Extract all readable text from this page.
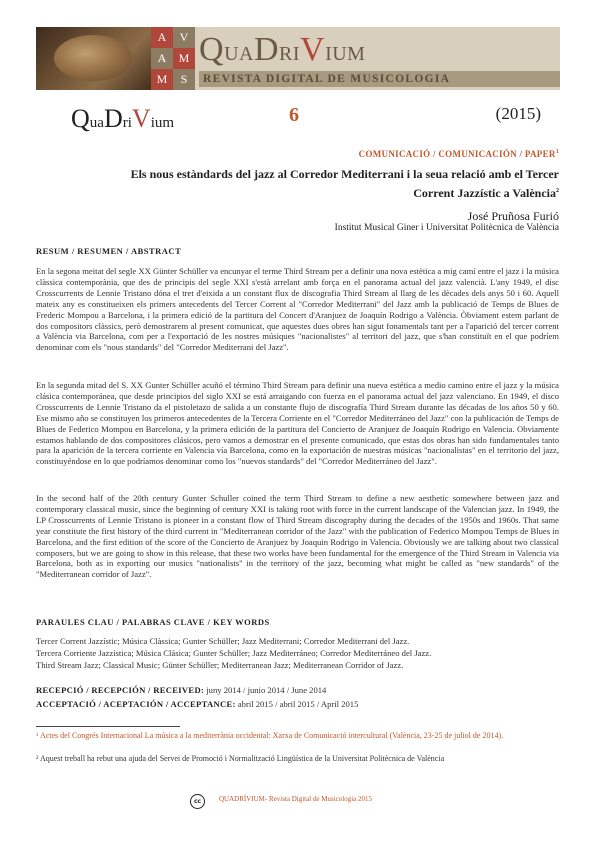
A	V
A	M
M	S
QUADRIVIUM
REVISTA DIGITAL DE MUSICOLOGIA
QuaDriVium	6	(2015)
COMUNICACIÓ / COMUNICACIÓN / PAPER$^1$
Els nous estàndards del jazz al Corredor Mediterrani i la seua relació amb el Tercer
Corrent Jazzístic a València$^2$
José Pruñosa Furió
Institut Musical Giner i Universitat Politècnica de València
RESUM / RESUMEN / ABSTRACT
En la segona meitat del segle XX Günter Schüller va encunyar el terme Third Stream per a definir una nova estètica a mig camí entre el jazz i la música clàssica contemporània, que des de principis del segle XXI s'està arrelant amb força en el panorama actual del jazz valencià. L'any 1949, el disc Crosscurrents de Lennie Tristano dóna el tret d'eixida a un constant flux de discografia Third Stream al llarg de les dècades dels anys 50 i 60. Aquell mateix any es constitueixen els primers antecedents del Tercer Corrent al "Corredor Mediterrani" del Jazz amb la publicació de Temps de Blues de Frederic Mompou a Barcelona, i la primera edició de la partitura del Concert d'Aranjuez de Joaquín Rodrigo a València. Òbviament estem parlant de dos compositors clàssics, però demostrarem al present comunicat, que aquestes dues obres han sigut fonamentals tant per a l'aparició del tercer corrent a València via Barcelona, com per a l'exportació de les nostres músiques "nacionalistes" al territori del jazz, que s'han constituït en el que podríem denominar com els "nous standards" del "Corredor Mediterrani del Jazz".
En la segunda mitad del S. XX Gunter Schüller acuñó el término Third Stream para definir una nueva estética a medio camino entre el jazz y la música clásica contemporánea, que desde principios del siglo XXI se está arraigando con fuerza en el panorama actual del jazz valenciano. En 1949, el disco Crosscurrents de Lennie Tristano da el pistoletazo de salida a un constante flujo de discografía Third Stream durante las décadas de los años 50 y 60. Ese mismo año se constituyen los primeros antecedentes de la Tercera Corriente en el "Corredor Mediterráneo del Jazz" con la publicación de Temps de Blues de Federico Mompou en Barcelona, y la primera edición de la partitura del Concierto de Aranjuez de Joaquín Rodrigo en Valencia. Obviamente estamos hablando de dos compositores clásicos, pero vamos a demostrar en el presente comunicado, que estas dos obras han sido fundamentales tanto para la aparición de la tercera corriente en Valencia vía Barcelona, como en la exportación de nuestras músicas "nacionalistas" en el territorio del jazz, constituyéndose en lo que podríamos denominar como los "nuevos standards" del "Corredor Mediterráneo del Jazz".
In the second half of the 20th century Gunter Schuller coined the term Third Stream to define a new aesthetic somewhere between jazz and contemporary classical music, since the beginning of century XXI is taking root with force in the current landscape of the Valencian jazz. In 1949, the LP Crosscurrents of Lennie Tristano is pioneer in a constant flow of Third Stream discography during the decades of the 1950s and 1960s. That same year constitute the first history of the third current in "Mediterranean corridor of the Jazz" with the publication of Federico Mompou Temps de Blues in Barcelona, and the first edition of the score of the Concierto de Aranjuez by Joaquin Rodrigo in Valencia. Obviously we are talking about two classical composers, but we are going to show in this release, that these two works have been fundamental for the emergence of the Third Stream in Valencia via Barcelona, both as in exporting our musics "nationalists" in the territory of the jazz, becoming what might be called as "new standards" of the "Mediterranean corridor of Jazz".
PARAULES CLAU / PALABRAS CLAVE / KEY WORDS
Tercer Corrent Jazzístic; Música Clàssica; Gunter Schüller; Jazz Mediterrani; Corredor Mediterrani del Jazz.
Tercera Corriente Jazzística; Música Clásica; Gunter Schüller; Jazz Mediterráneo; Corredor Mediterráneo del Jazz.
Third Stream Jazz; Classical Music; Günter Schüller; Mediterranean Jazz; Mediterranean Corridor of Jazz.
RECEPCIÓ / RECEPCIÓN / RECEIVED: juny 2014 / junio 2014 / June 2014
ACCEPTACIÓ / ACEPTACIÓN / ACCEPTANCE: abril 2015 / abril 2015 / April 2015
¹ Actes del Congrés Internacional La música a la mediterrània occidental: Xarxa de Comunicació intercultural (València, 23-25 de juliol de 2014).
² Aquest treball ha rebut una ajuda del Servei de Promoció i Normalització Lingüística de la Universitat Politècnica de València
cc	QUADRÍVIUM- Revista Digital de Musicologia 2015
